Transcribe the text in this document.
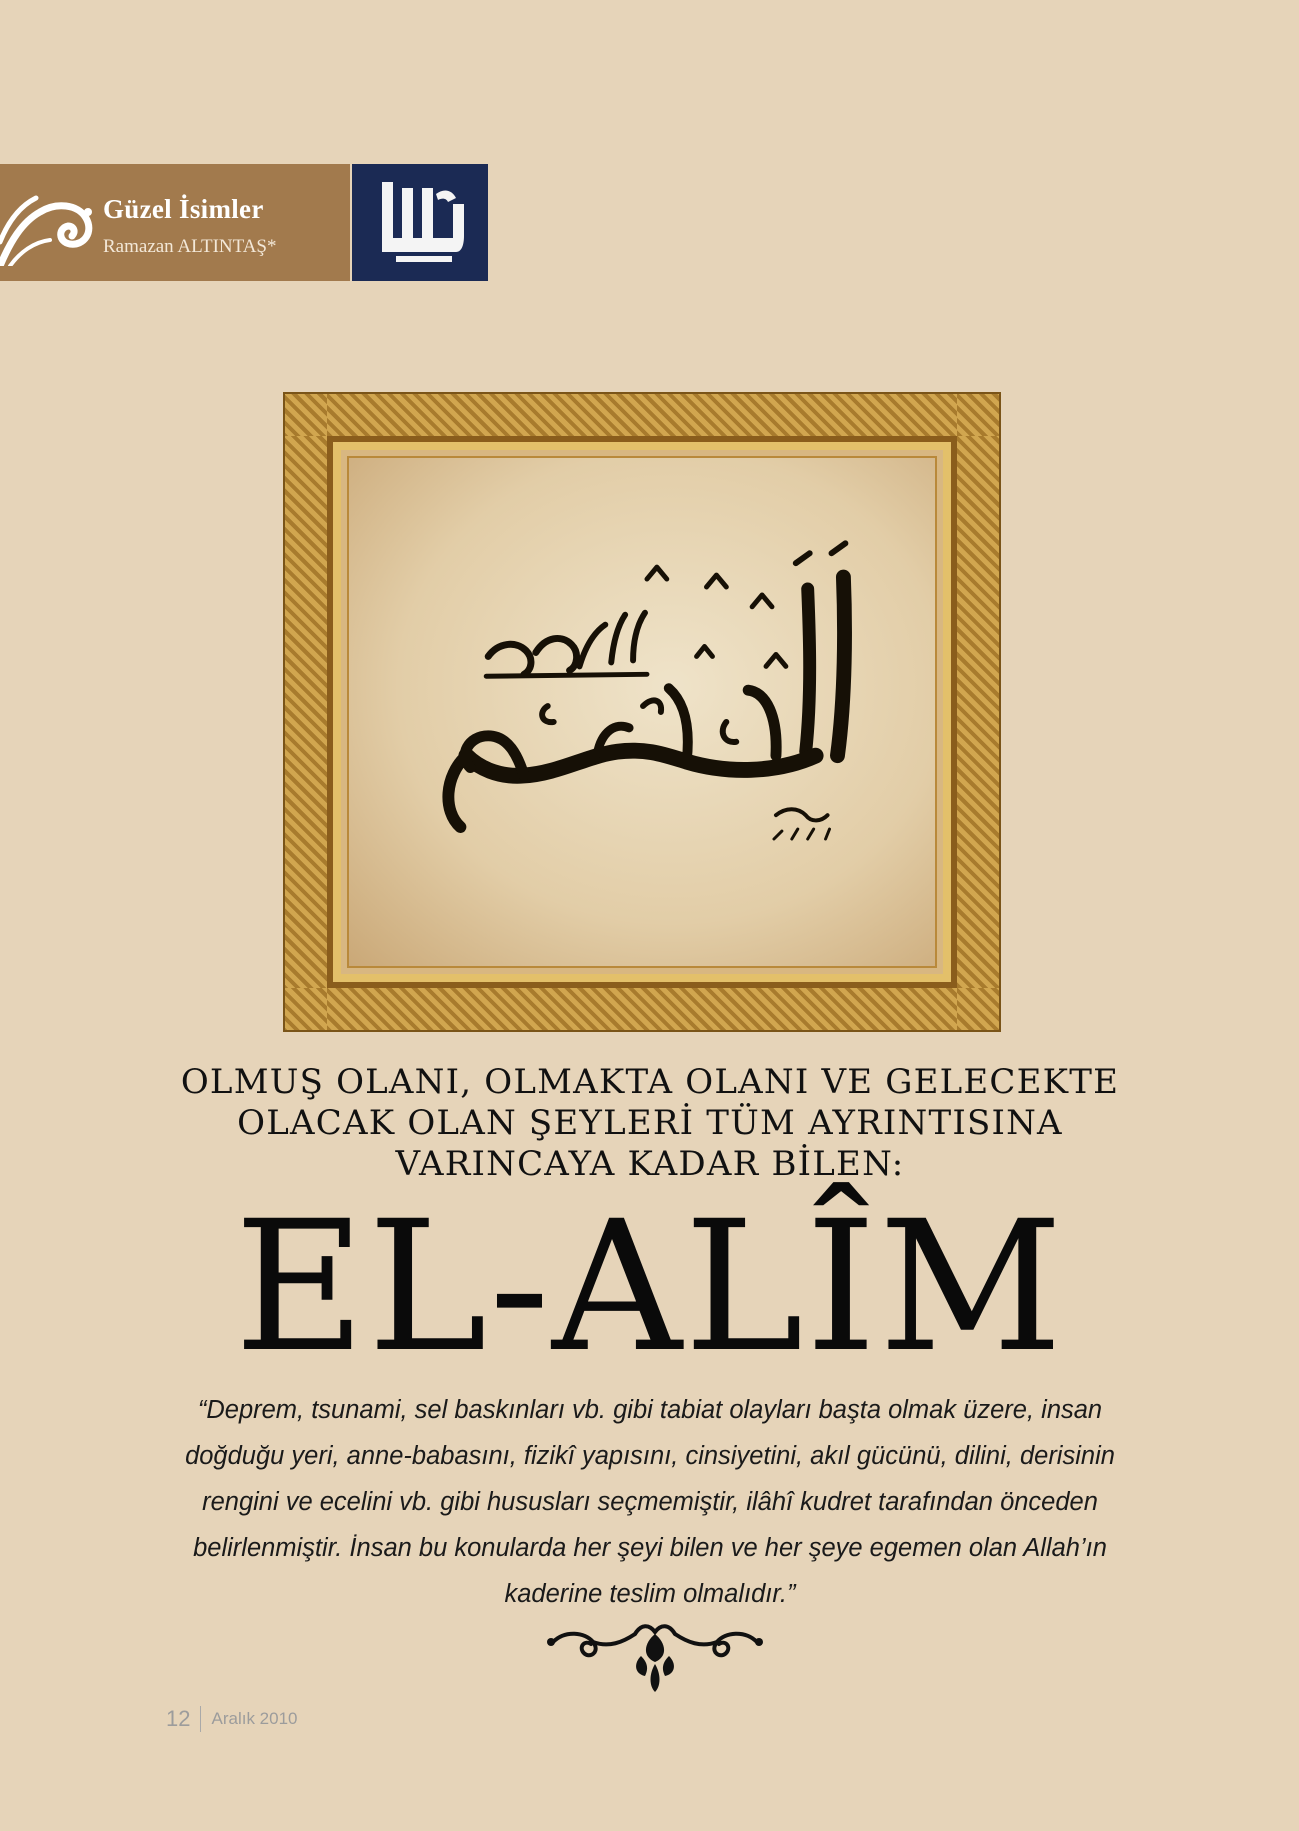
Güzel İsimler
Ramazan ALTINTAŞ*
OLMUŞ OLANI, OLMAKTA OLANI VE GELECEKTE
OLACAK OLAN ŞEYLERİ TÜM AYRINTISINA
VARINCAYA KADAR BİLEN:
EL-ALÎM
“Deprem, tsunami, sel baskınları vb. gibi tabiat olayları başta olmak üzere, insan doğduğu yeri, anne-babasını, fizikî yapısını, cinsiyetini, akıl gücünü, dilini, derisinin rengini ve ecelini vb. gibi hususları seçmemiştir, ilâhî kudret tarafından önceden belirlenmiştir. İnsan bu konularda her şeyi bilen ve her şeye egemen olan Allah’ın kaderine teslim olmalıdır.”
12 Aralık 2010
